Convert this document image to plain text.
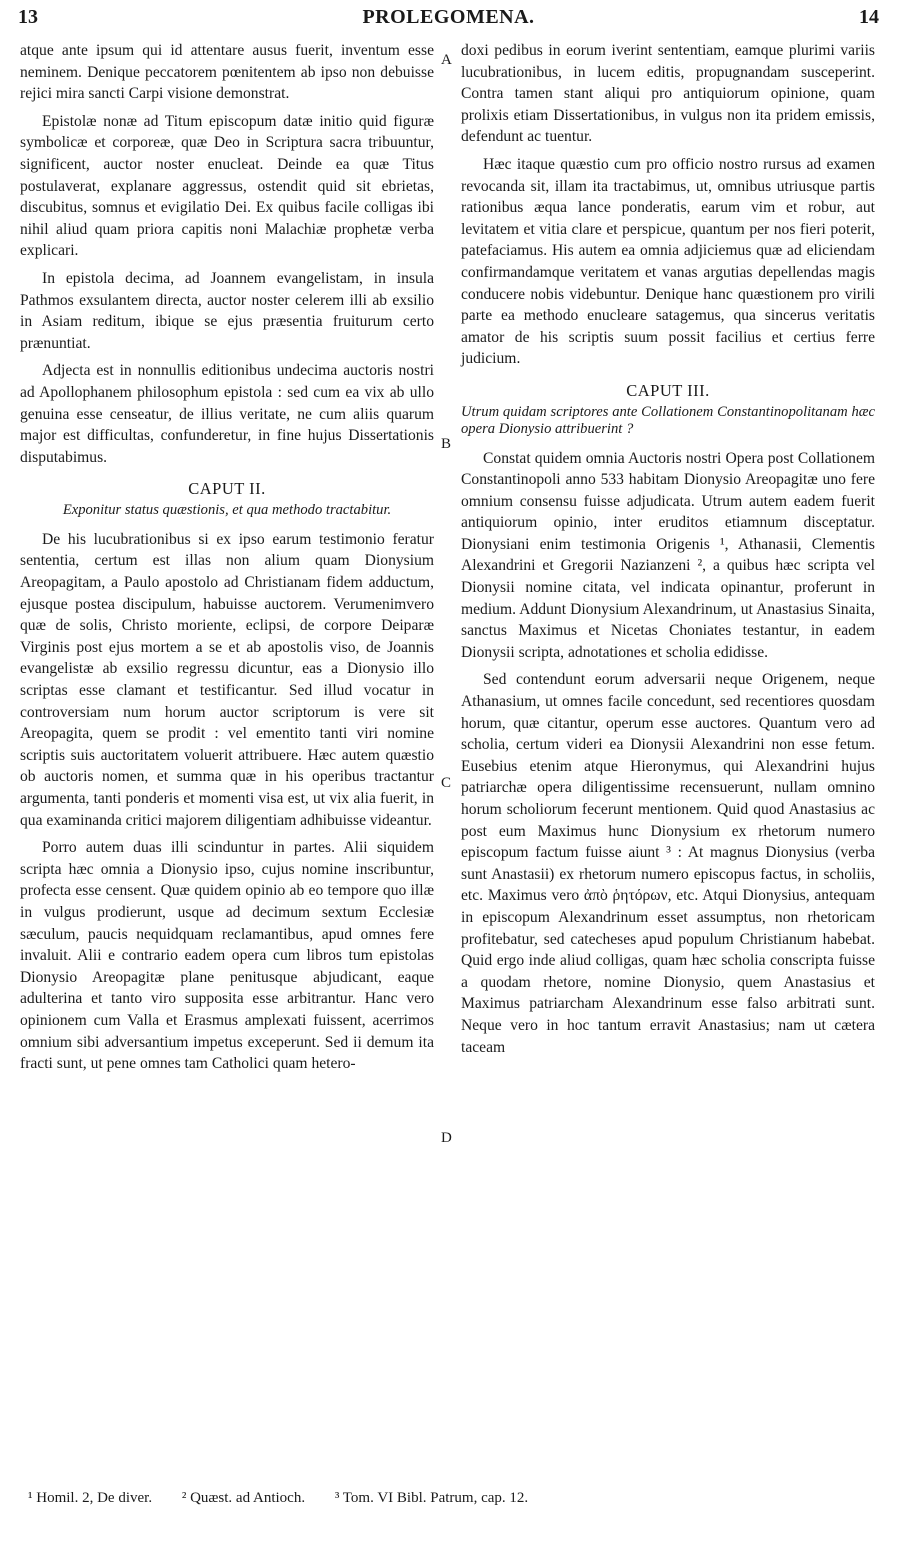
13	PROLEGOMENA.	14

atque ante ipsum qui id attentare ausus fuerit, inventum esse neminem. Denique peccatorem pœnitentem ab ipso non debuisse rejici mira sancti Carpi visione demonstrat.

Epistolæ nonæ ad Titum episcopum datæ initio quid figuræ symbolicæ et corporeæ, quæ Deo in Scriptura sacra tribuuntur, significent, auctor noster enucleat. Deinde ea quæ Titus postulaverat, explanare aggressus, ostendit quid sit ebrietas, discubitus, somnus et evigilatio Dei. Ex quibus facile colligas ibi nihil aliud quam priora capitis noni Malachiæ prophetæ verba explicari.

In epistola decima, ad Joannem evangelistam, in insula Pathmos exsulantem directa, auctor noster celerem illi ab exsilio in Asiam reditum, ibique se ejus præsentia fruiturum certo prænuntiat.

Adjecta est in nonnullis editionibus undecima auctoris nostri ad Apollophanem philosophum epistola : sed cum ea vix ab ullo genuina esse censeatur, de illius veritate, ne cum aliis quarum major est difficultas, confunderetur, in fine hujus Dissertationis disputabimus.

CAPUT II.
Exponitur status quæstionis, et qua methodo tractabitur.

De his lucubrationibus si ex ipso earum testimonio feratur sententia, certum est illas non alium quam Dionysium Areopagitam, a Paulo apostolo ad Christianam fidem adductum, ejusque postea discipulum, habuisse auctorem. Verumenimvero quæ de solis, Christo moriente, eclipsi, de corpore Deiparæ Virginis post ejus mortem a se et ab apostolis viso, de Joannis evangelistæ ab exsilio regressu dicuntur, eas a Dionysio illo scriptas esse clamant et testificantur. Sed illud vocatur in controversiam num horum auctor scriptorum is vere sit Areopagita, quem se prodit : vel ementito tanti viri nomine scriptis suis auctoritatem voluerit attribuere. Hæc autem quæstio ob auctoris nomen, et summa quæ in his operibus tractantur argumenta, tanti ponderis et momenti visa est, ut vix alia fuerit, in qua examinanda critici majorem diligentiam adhibuisse videantur.

Porro autem duas illi scinduntur in partes. Alii siquidem scripta hæc omnia a Dionysio ipso, cujus nomine inscribuntur, profecta esse censent. Quæ quidem opinio ab eo tempore quo illæ in vulgus prodierunt, usque ad decimum sextum Ecclesiæ sæculum, paucis nequidquam reclamantibus, apud omnes fere invaluit. Alii e contrario eadem opera cum libros tum epistolas Dionysio Areopagitæ plane penitusque abjudicant, eaque adulterina et tanto viro supposita esse arbitrantur. Hanc vero opinionem cum Valla et Erasmus amplexati fuissent, acerrimos omnium sibi adversantium impetus exceperunt. Sed ii demum ita fracti sunt, ut pene omnes tam Catholici quam hetero-

doxi pedibus in eorum iverint sententiam, eamque plurimi variis lucubrationibus, in lucem editis, propugnandam susceperint. Contra tamen stant aliqui pro antiquiorum opinione, quam prolixis etiam Dissertationibus, in vulgus non ita pridem emissis, defendunt ac tuentur.

Hæc itaque quæstio cum pro officio nostro rursus ad examen revocanda sit, illam ita tractabimus, ut, omnibus utriusque partis rationibus æqua lance ponderatis, earum vim et robur, aut levitatem et vitia clare et perspicue, quantum per nos fieri poterit, patefaciamus. His autem ea omnia adjiciemus quæ ad eliciendam confirmandamque veritatem et vanas argutias depellendas magis conducere nobis videbuntur. Denique hanc quæstionem pro virili parte ea methodo enucleare satagemus, qua sincerus veritatis amator de his scriptis suum possit facilius et certius ferre judicium.

CAPUT III.
Utrum quidam scriptores ante Collationem Constantinopolitanam hæc opera Dionysio attribuerint ?

Constat quidem omnia Auctoris nostri Opera post Collationem Constantinopoli anno 533 habitam Dionysio Areopagitæ uno fere omnium consensu fuisse adjudicata. Utrum autem eadem fuerit antiquiorum opinio, inter eruditos etiamnum disceptatur. Dionysiani enim testimonia Origenis ¹, Athanasii, Clementis Alexandrini et Gregorii Nazianzeni ², a quibus hæc scripta vel Dionysii nomine citata, vel indicata opinantur, proferunt in medium. Addunt Dionysium Alexandrinum, ut Anastasius Sinaita, sanctus Maximus et Nicetas Choniates testantur, in eadem Dionysii scripta, adnotationes et scholia edidisse.

Sed contendunt eorum adversarii neque Origenem, neque Athanasium, ut omnes facile concedunt, sed recentiores quosdam horum, quæ citantur, operum esse auctores. Quantum vero ad scholia, certum videri ea Dionysii Alexandrini non esse fetum. Eusebius etenim atque Hieronymus, qui Alexandrini hujus patriarchæ opera diligentissime recensuerunt, nullam omnino horum scholiorum fecerunt mentionem. Quid quod Anastasius ac post eum Maximus hunc Dionysium ex rhetorum numero episcopum factum fuisse aiunt ³ : At magnus Dionysius (verba sunt Anastasii) ex rhetorum numero episcopus factus, in scholiis, etc. Maximus vero ἀπὸ ῥητόρων, etc. Atqui Dionysius, antequam in episcopum Alexandrinum esset assumptus, non rhetoricam profitebatur, sed catecheses apud populum Christianum habebat. Quid ergo inde aliud colligas, quam hæc scholia conscripta fuisse a quodam rhetore, nomine Dionysio, quem Anastasius et Maximus patriarcham Alexandrinum esse falso arbitrati sunt. Neque vero in hoc tantum erravit Anastasius; nam ut cætera taceam

A
B
C
D
¹ Homil. 2, De diver. ² Quæst. ad Antioch. ³ Tom. VI Bibl. Patrum, cap. 12.
